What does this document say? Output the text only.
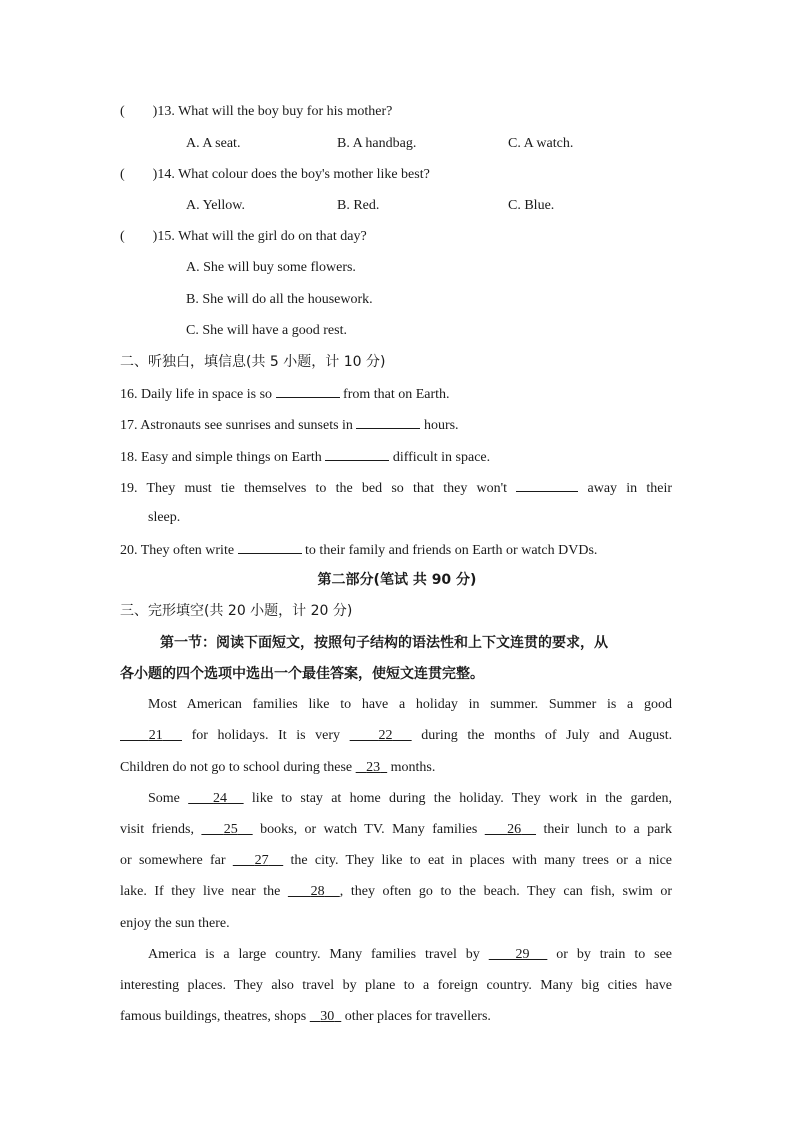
( )13. What will the boy buy for his mother?
A. A seat.	B. A handbag.	C. A watch.
( )14. What colour does the boy's mother like best?
A. Yellow.	B. Red.	C. Blue.
( )15. What will the girl do on that day?
A. She will buy some flowers.
B. She will do all the housework.
C. She will have a good rest.
二、听独白，填信息(共 5 小题，计 10 分)
16. Daily life in space is so	from that on Earth.
17. Astronauts see sunrises and sunsets in	hours.
18. Easy and simple things on Earth	difficult in space.
19. They must tie themselves to the bed so that they won't	away in their
sleep.
20. They often write	to their family and friends on Earth or watch DVDs.
第二部分(笔试 共 90 分)
三、完形填空(共 20 小题，计 20 分)
第一节：阅读下面短文，按照句子结构的语法性和上下文连贯的要求，从
各小题的四个选项中选出一个最佳答案，使短文连贯完整。
Most American families like to have a holiday in summer. Summer is a good
21 for holidays. It is very	22 during the months of July and August.
Children do not go to school during these 23 months.
Some 24 like to stay at home during the holiday. They work in the garden,
visit friends, 25 books, or watch TV. Many families 26 their lunch to a park
or somewhere far 27 the city. They like to eat in places with many trees or a nice
lake. If they live near the 28 , they often go to the beach. They can fish, swim or
enjoy the sun there.
America is a large country. Many families travel by	29 or by train to see
interesting places. They also travel by plane to a foreign country. Many big cities have
famous buildings, theatres, shops 30 other places for travellers.
